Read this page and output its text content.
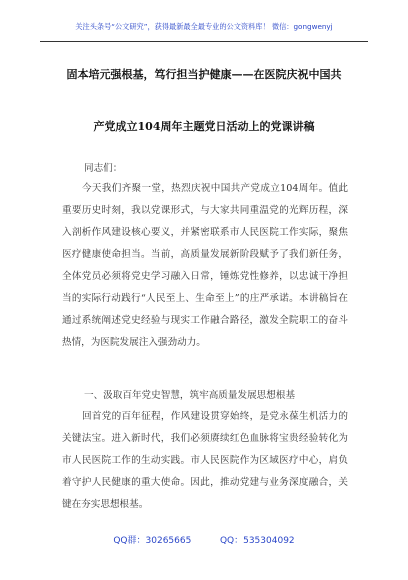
关注头条号“公文研究”，获得最新最全最专业的公文资料库！ 微信：gongwenyj
固本培元强根基，笃行担当护健康——在医院庆祝中国共
产党成立104周年主题党日活动上的党课讲稿
同志们：
今天我们齐聚一堂，热烈庆祝中国共产党成立104周年。值此重要历史时刻，我以党课形式，与大家共同重温党的光辉历程，深入剖析作风建设核心要义，并紧密联系市人民医院工作实际，聚焦医疗健康使命担当。当前，高质量发展新阶段赋予了我们新任务，全体党员必须将党史学习融入日常，锤炼党性修养，以忠诚干净担当的实际行动践行“人民至上、生命至上”的庄严承诺。本讲稿旨在通过系统阐述党史经验与现实工作融合路径，激发全院职工的奋斗热情，为医院发展注入强劲动力。
一、汲取百年党史智慧，筑牢高质量发展思想根基
回首党的百年征程，作风建设贯穿始终，是党永葆生机活力的关键法宝。进入新时代，我们必须赓续红色血脉将宝贵经验转化为市人民医院工作的生动实践。市人民医院作为区域医疗中心，肩负着守护人民健康的重大使命。因此，推动党建与业务深度融合，关键在夯实思想根基。
QQ群：30265665	QQ：535304092
